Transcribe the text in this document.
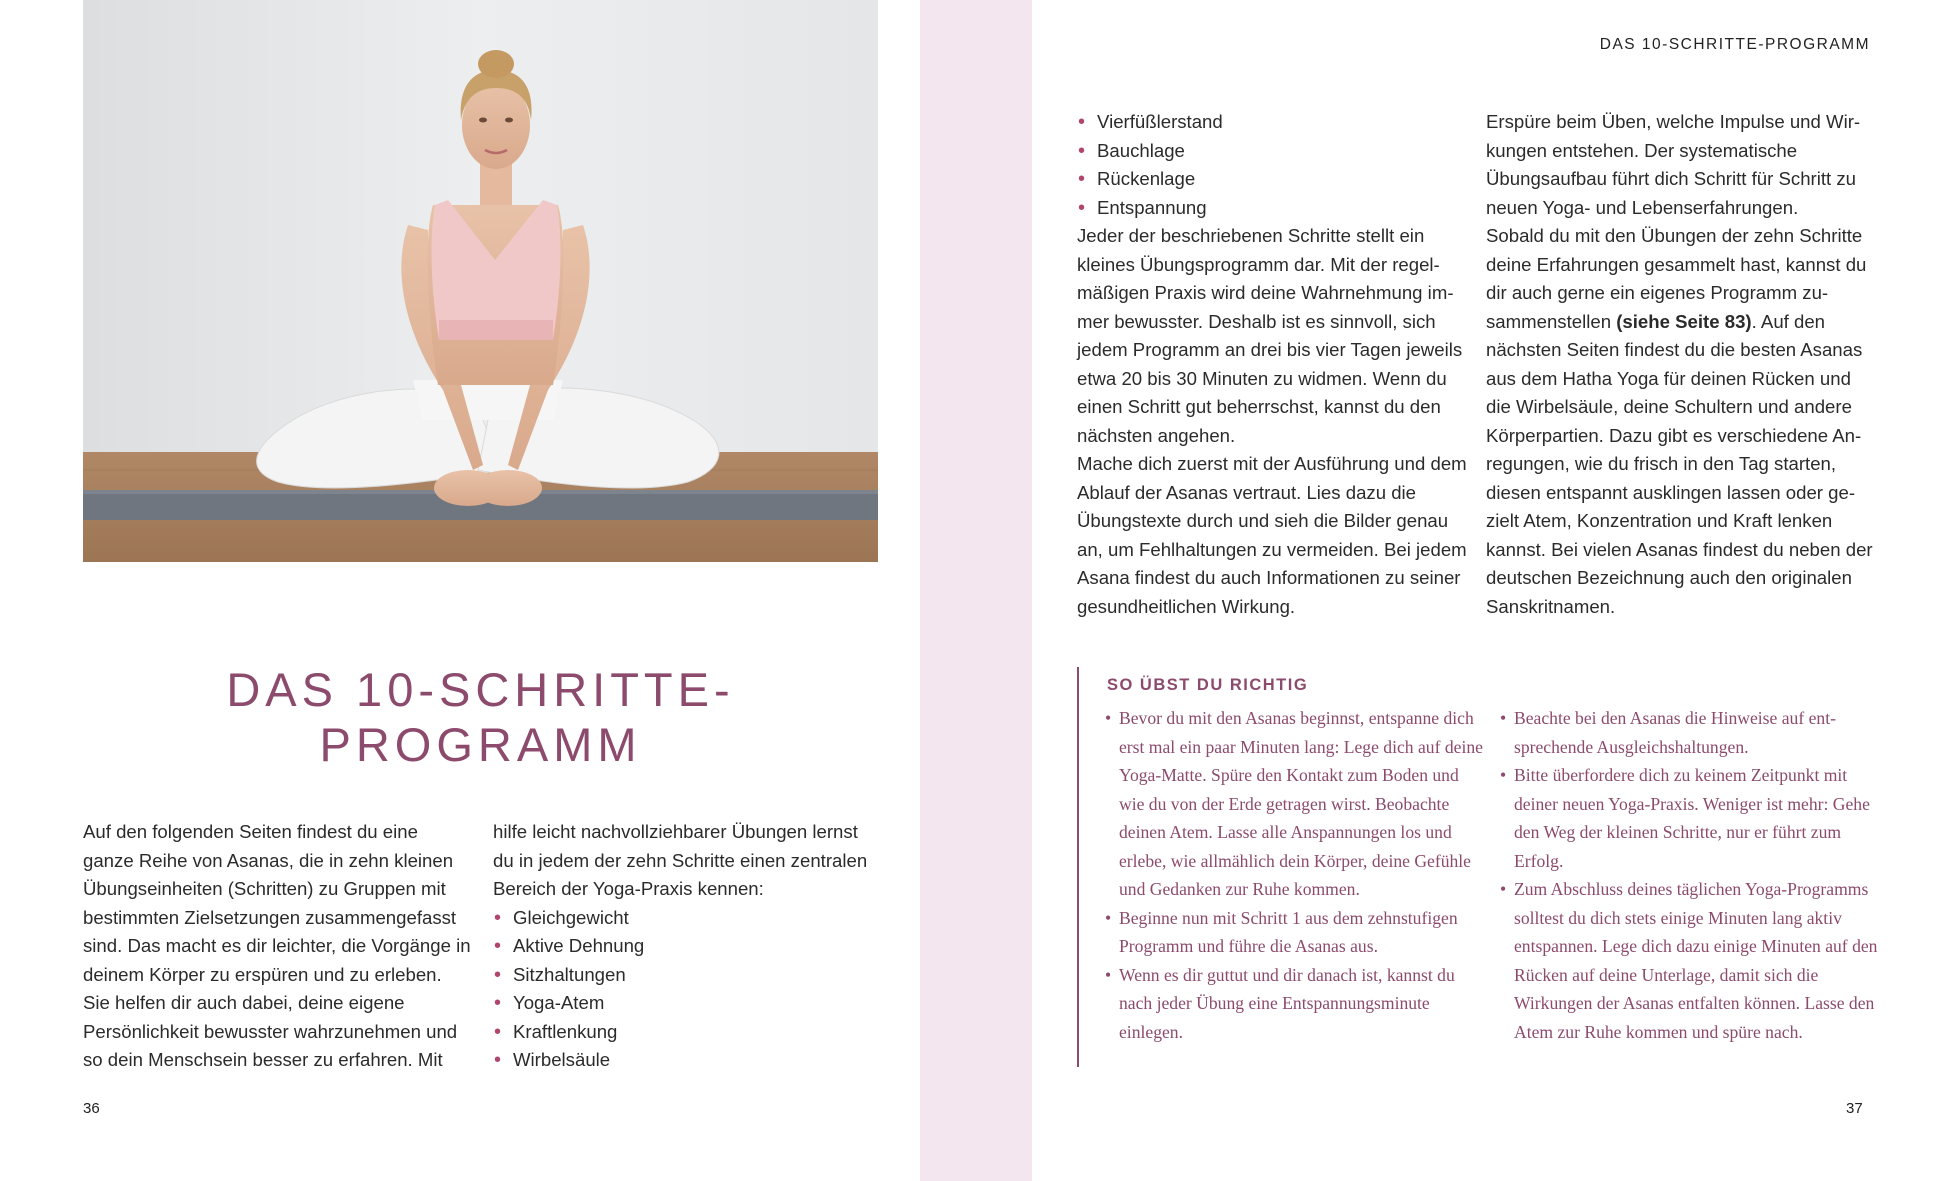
DAS 10-SCHRITTE-PROGRAMM
Auf den folgenden Seiten findest du eine ganze Reihe von Asanas, die in zehn kleinen Übungseinheiten (Schritten) zu Gruppen mit bestimmten Zielsetzungen zusammengefasst sind. Das macht es dir leichter, die Vorgänge in deinem Körper zu erspüren und zu erleben. Sie helfen dir auch dabei, deine eigene Persönlichkeit bewusster wahrzunehmen und so dein Menschsein besser zu erfahren. Mit
hilfe leicht nachvollziehbarer Übungen lernst du in jedem der zehn Schritte einen zentralen Bereich der Yoga-Praxis kennen:
• Gleichgewicht
• Aktive Dehnung
• Sitzhaltungen
• Yoga-Atem
• Kraftlenkung
• Wirbelsäule
36
DAS 10-SCHRITTE-PROGRAMM
• Vierfüßlerstand
• Bauchlage
• Rückenlage
• Entspannung
Jeder der beschriebenen Schritte stellt ein kleines Übungsprogramm dar. Mit der regelmäßigen Praxis wird deine Wahrnehmung immer bewusster. Deshalb ist es sinnvoll, sich jedem Programm an drei bis vier Tagen jeweils etwa 20 bis 30 Minuten zu widmen. Wenn du einen Schritt gut beherrschst, kannst du den nächsten angehen.
Mache dich zuerst mit der Ausführung und dem Ablauf der Asanas vertraut. Lies dazu die Übungstexte durch und sieh die Bilder genau an, um Fehlhaltungen zu vermeiden. Bei jedem Asana findest du auch Informationen zu seiner gesundheitlichen Wirkung.
Erspüre beim Üben, welche Impulse und Wirkungen entstehen. Der systematische Übungsaufbau führt dich Schritt für Schritt zu neuen Yoga- und Lebenserfahrungen.
Sobald du mit den Übungen der zehn Schritte deine Erfahrungen gesammelt hast, kannst du dir auch gerne ein eigenes Programm zusammenstellen (siehe Seite 83). Auf den nächsten Seiten findest du die besten Asanas aus dem Hatha Yoga für deinen Rücken und die Wirbelsäule, deine Schultern und andere Körperpartien. Dazu gibt es verschiedene Anregungen, wie du frisch in den Tag starten, diesen entspannt ausklingen lassen oder gezielt Atem, Konzentration und Kraft lenken kannst. Bei vielen Asanas findest du neben der deutschen Bezeichnung auch den originalen Sanskritnamen.
SO ÜBST DU RICHTIG
• Bevor du mit den Asanas beginnst, entspanne dich erst mal ein paar Minuten lang: Lege dich auf deine Yoga-Matte. Spüre den Kontakt zum Boden und wie du von der Erde getragen wirst. Beobachte deinen Atem. Lasse alle Anspannungen los und erlebe, wie allmählich dein Körper, deine Gefühle und Gedanken zur Ruhe kommen.
• Beginne nun mit Schritt 1 aus dem zehnstufigen Programm und führe die Asanas aus.
• Wenn es dir guttut und dir danach ist, kannst du nach jeder Übung eine Entspannungsminute einlegen.
• Beachte bei den Asanas die Hinweise auf entsprechende Ausgleichshaltungen.
• Bitte überfordere dich zu keinem Zeitpunkt mit deiner neuen Yoga-Praxis. Weniger ist mehr: Gehe den Weg der kleinen Schritte, nur er führt zum Erfolg.
• Zum Abschluss deines täglichen Yoga-Programms solltest du dich stets einige Minuten lang aktiv entspannen. Lege dich dazu einige Minuten auf den Rücken auf deine Unterlage, damit sich die Wirkungen der Asanas entfalten können. Lasse den Atem zur Ruhe kommen und spüre nach.
37
